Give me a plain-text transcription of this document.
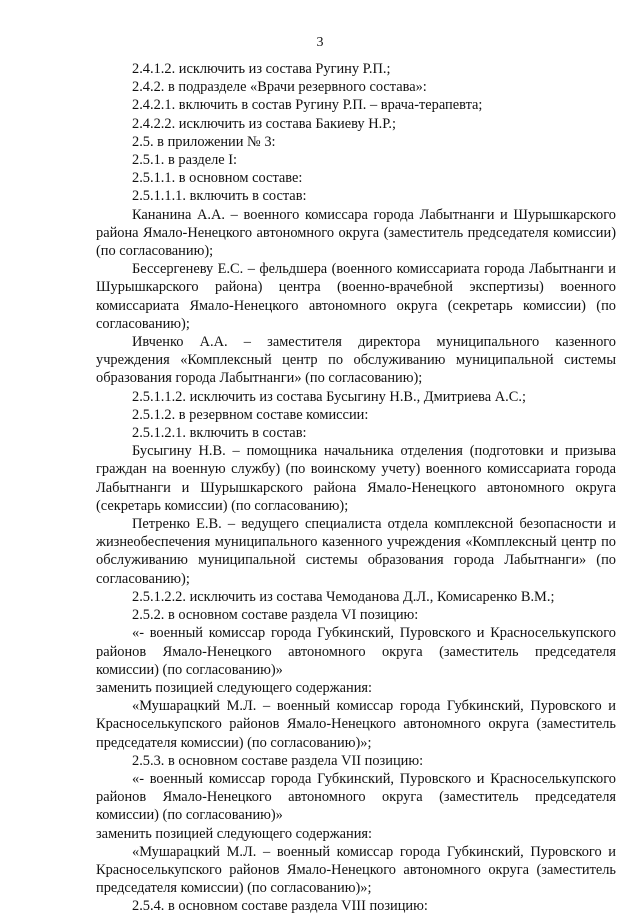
3

2.4.1.2. исключить из состава Ругину Р.П.;

2.4.2. в подразделе «Врачи резервного состава»:

2.4.2.1. включить в состав Ругину Р.П. – врача-терапевта;

2.4.2.2. исключить из состава Бакиеву Н.Р.;

2.5. в приложении № 3:

2.5.1. в разделе I:

2.5.1.1. в основном составе:

2.5.1.1.1. включить в состав:

Кананина А.А. – военного комиссара города Лабытнанги и Шурышкарского района Ямало-Ненецкого автономного округа (заместитель председателя комиссии) (по согласованию);

Бессергеневу Е.С. – фельдшера (военного комиссариата города Лабытнанги и Шурышкарского района) центра (военно-врачебной экспертизы) военного комиссариата Ямало-Ненецкого автономного округа (секретарь комиссии) (по согласованию);

Ивченко А.А. – заместителя директора муниципального казенного учреждения «Комплексный центр по обслуживанию муниципальной системы образования города Лабытнанги» (по согласованию);

2.5.1.1.2. исключить из состава Бусыгину Н.В., Дмитриева А.С.;

2.5.1.2. в резервном составе комиссии:

2.5.1.2.1. включить в состав:

Бусыгину Н.В. – помощника начальника отделения (подготовки и призыва граждан на военную службу) (по воинскому учету) военного комиссариата города Лабытнанги и Шурышкарского района Ямало-Ненецкого автономного округа (секретарь комиссии) (по согласованию);

Петренко Е.В. – ведущего специалиста отдела комплексной безопасности и жизнеобеспечения муниципального казенного учреждения «Комплексный центр по обслуживанию муниципальной системы образования города Лабытнанги» (по согласованию);

2.5.1.2.2. исключить из состава Чемоданова Д.Л., Комисаренко В.М.;

2.5.2. в основном составе раздела VI позицию:

«- военный комиссар города Губкинский, Пуровского и Красноселькупского районов Ямало-Ненецкого автономного округа (заместитель председателя комиссии) (по согласованию)»

заменить позицией следующего содержания:

«Мушарацкий М.Л. – военный комиссар города Губкинский, Пуровского и Красноселькупского районов Ямало-Ненецкого автономного округа (заместитель председателя комиссии) (по согласованию)»;

2.5.3. в основном составе раздела VII позицию:

«- военный комиссар города Губкинский, Пуровского и Красноселькупского районов Ямало-Ненецкого автономного округа (заместитель председателя комиссии) (по согласованию)»

заменить позицией следующего содержания:

«Мушарацкий М.Л. – военный комиссар города Губкинский, Пуровского и Красноселькупского районов Ямало-Ненецкого автономного округа (заместитель председателя комиссии) (по согласованию)»;

2.5.4. в основном составе раздела VIII позицию:
